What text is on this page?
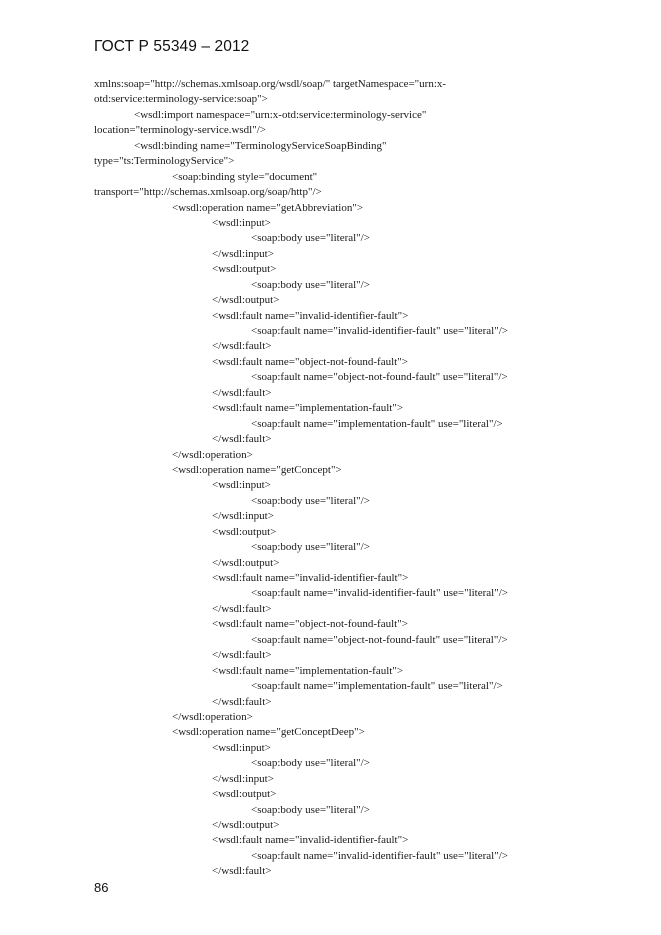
ГОСТ Р 55349 – 2012
xmlns:soap="http://schemas.xmlsoap.org/wsdl/soap/" targetNamespace="urn:x-
otd:service:terminology-service:soap">
<wsdl:import namespace="urn:x-otd:service:terminology-service"
location="terminology-service.wsdl"/>
<wsdl:binding name="TerminologyServiceSoapBinding"
type="ts:TerminologyService">
<soap:binding style="document"
transport="http://schemas.xmlsoap.org/soap/http"/>
<wsdl:operation name="getAbbreviation">
<wsdl:input>
<soap:body use="literal"/>
</wsdl:input>
<wsdl:output>
<soap:body use="literal"/>
</wsdl:output>
<wsdl:fault name="invalid-identifier-fault">
<soap:fault name="invalid-identifier-fault" use="literal"/>
</wsdl:fault>
<wsdl:fault name="object-not-found-fault">
<soap:fault name="object-not-found-fault" use="literal"/>
</wsdl:fault>
<wsdl:fault name="implementation-fault">
<soap:fault name="implementation-fault" use="literal"/>
</wsdl:fault>
</wsdl:operation>
<wsdl:operation name="getConcept">
<wsdl:input>
<soap:body use="literal"/>
</wsdl:input>
<wsdl:output>
<soap:body use="literal"/>
</wsdl:output>
<wsdl:fault name="invalid-identifier-fault">
<soap:fault name="invalid-identifier-fault" use="literal"/>
</wsdl:fault>
<wsdl:fault name="object-not-found-fault">
<soap:fault name="object-not-found-fault" use="literal"/>
</wsdl:fault>
<wsdl:fault name="implementation-fault">
<soap:fault name="implementation-fault" use="literal"/>
</wsdl:fault>
</wsdl:operation>
<wsdl:operation name="getConceptDeep">
<wsdl:input>
<soap:body use="literal"/>
</wsdl:input>
<wsdl:output>
<soap:body use="literal"/>
</wsdl:output>
<wsdl:fault name="invalid-identifier-fault">
<soap:fault name="invalid-identifier-fault" use="literal"/>
</wsdl:fault>
86
